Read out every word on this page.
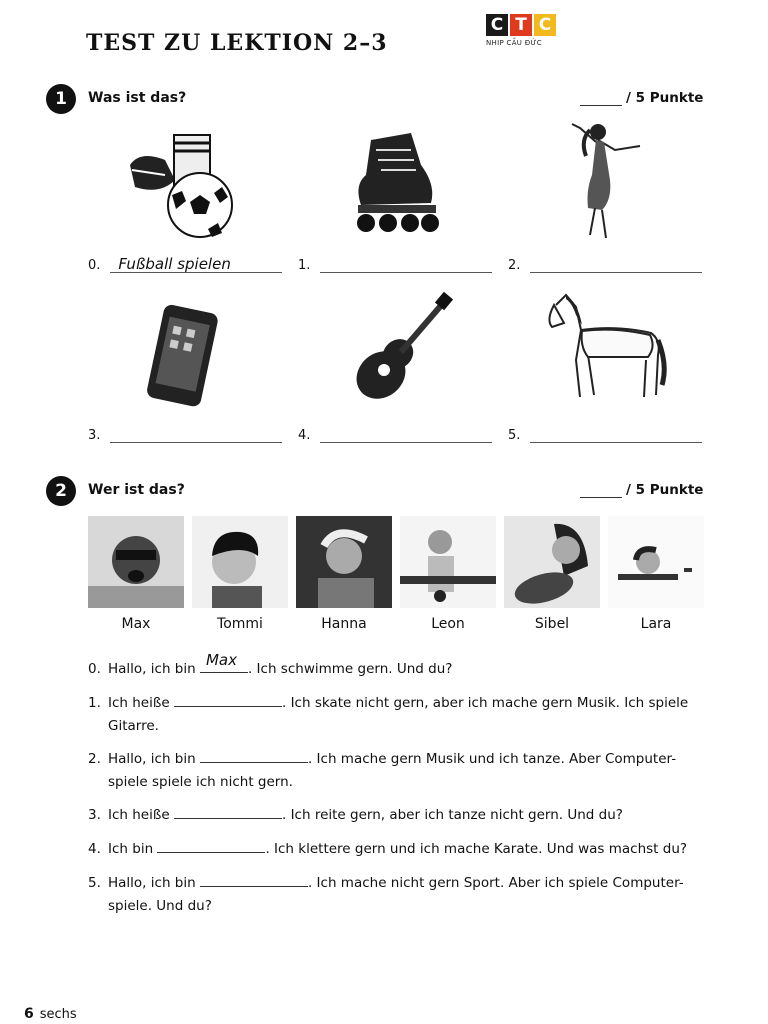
TEST ZU LEKTION 2–3
C T C
NHIP CẦU ĐỨC
1	Was ist das?	/ 5 Punkte
0. Fußball spielen	1.	2.
3.	4.	5.
2	Wer ist das?	/ 5 Punkte
Max	Tommi	Hanna	Leon	Sibel	Lara
0. Hallo, ich bin Max . Ich schwimme gern. Und du?
1. Ich heiße	. Ich skate nicht gern, aber ich mache gern Musik. Ich spiele
Gitarre.
2. Hallo, ich bin	. Ich mache gern Musik und ich tanze. Aber Computer-
spiele spiele ich nicht gern.
3. Ich heiße	. Ich reite gern, aber ich tanze nicht gern. Und du?
4. Ich bin	. Ich klettere gern und ich mache Karate. Und was machst du?
5. Hallo, ich bin	. Ich mache nicht gern Sport. Aber ich spiele Computer-
spiele. Und du?
6 sechs
